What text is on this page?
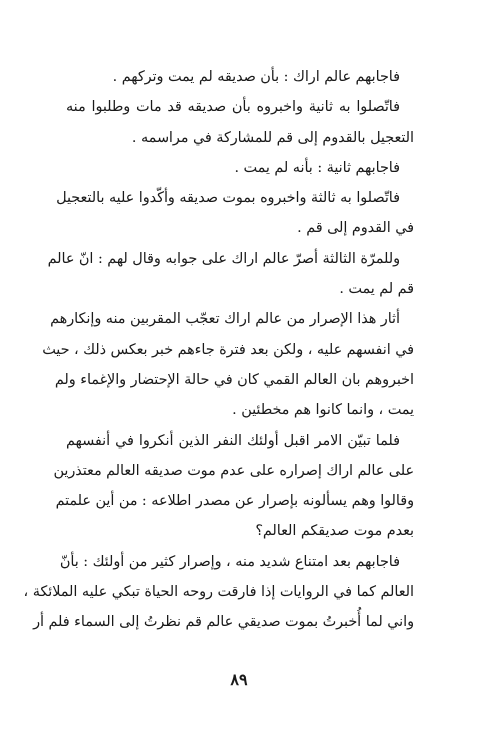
فاجابهم عالم اراك : بأن صديقه لم يمت وتركهم .
فاتّصلوا به ثانية واخبروه بأن صديقه قد مات وطلبوا منه
التعجيل بالقدوم إلى قم للمشاركة في مراسمه .
فاجابهم ثانية : بأنه لم يمت .
فاتّصلوا به ثالثة واخبروه بموت صديقه وأكّدوا عليه بالتعجيل
في القدوم إلى قم .
وللمرّة الثالثة أصرّ عالم اراك على جوابه وقال لهم : انّ عالم
قم لم يمت .
أثار هذا الإصرار من عالم اراك تعجّب المقربين منه وإنكارهم
في انفسهم عليه ، ولكن بعد فترة جاءهم خبر بعكس ذلك ، حيث
اخبروهم بان العالم القمي كان في حالة الإحتضار والإغماء ولم
يمت ، وانما كانوا هم مخطئين .
فلما تبيّن الامر اقبل أولئك النفر الذين أنكروا في أنفسهم
على عالم اراك إصراره على عدم موت صديقه العالم معتذرين
وقالوا وهم يسألونه بإصرار عن مصدر اطلاعه : من أين علمتم
بعدم موت صديقكم العالم؟
فاجابهم بعد امتناع شديد منه ، وإصرار كثير من أولئك : بأنّ
العالم كما في الروايات إذا فارقت روحه الحياة تبكي عليه الملائكة ،
واني لما أُخبرتُ بموت صديقي عالم قم نظرتُ إلى السماء فلم أر
٨٩
